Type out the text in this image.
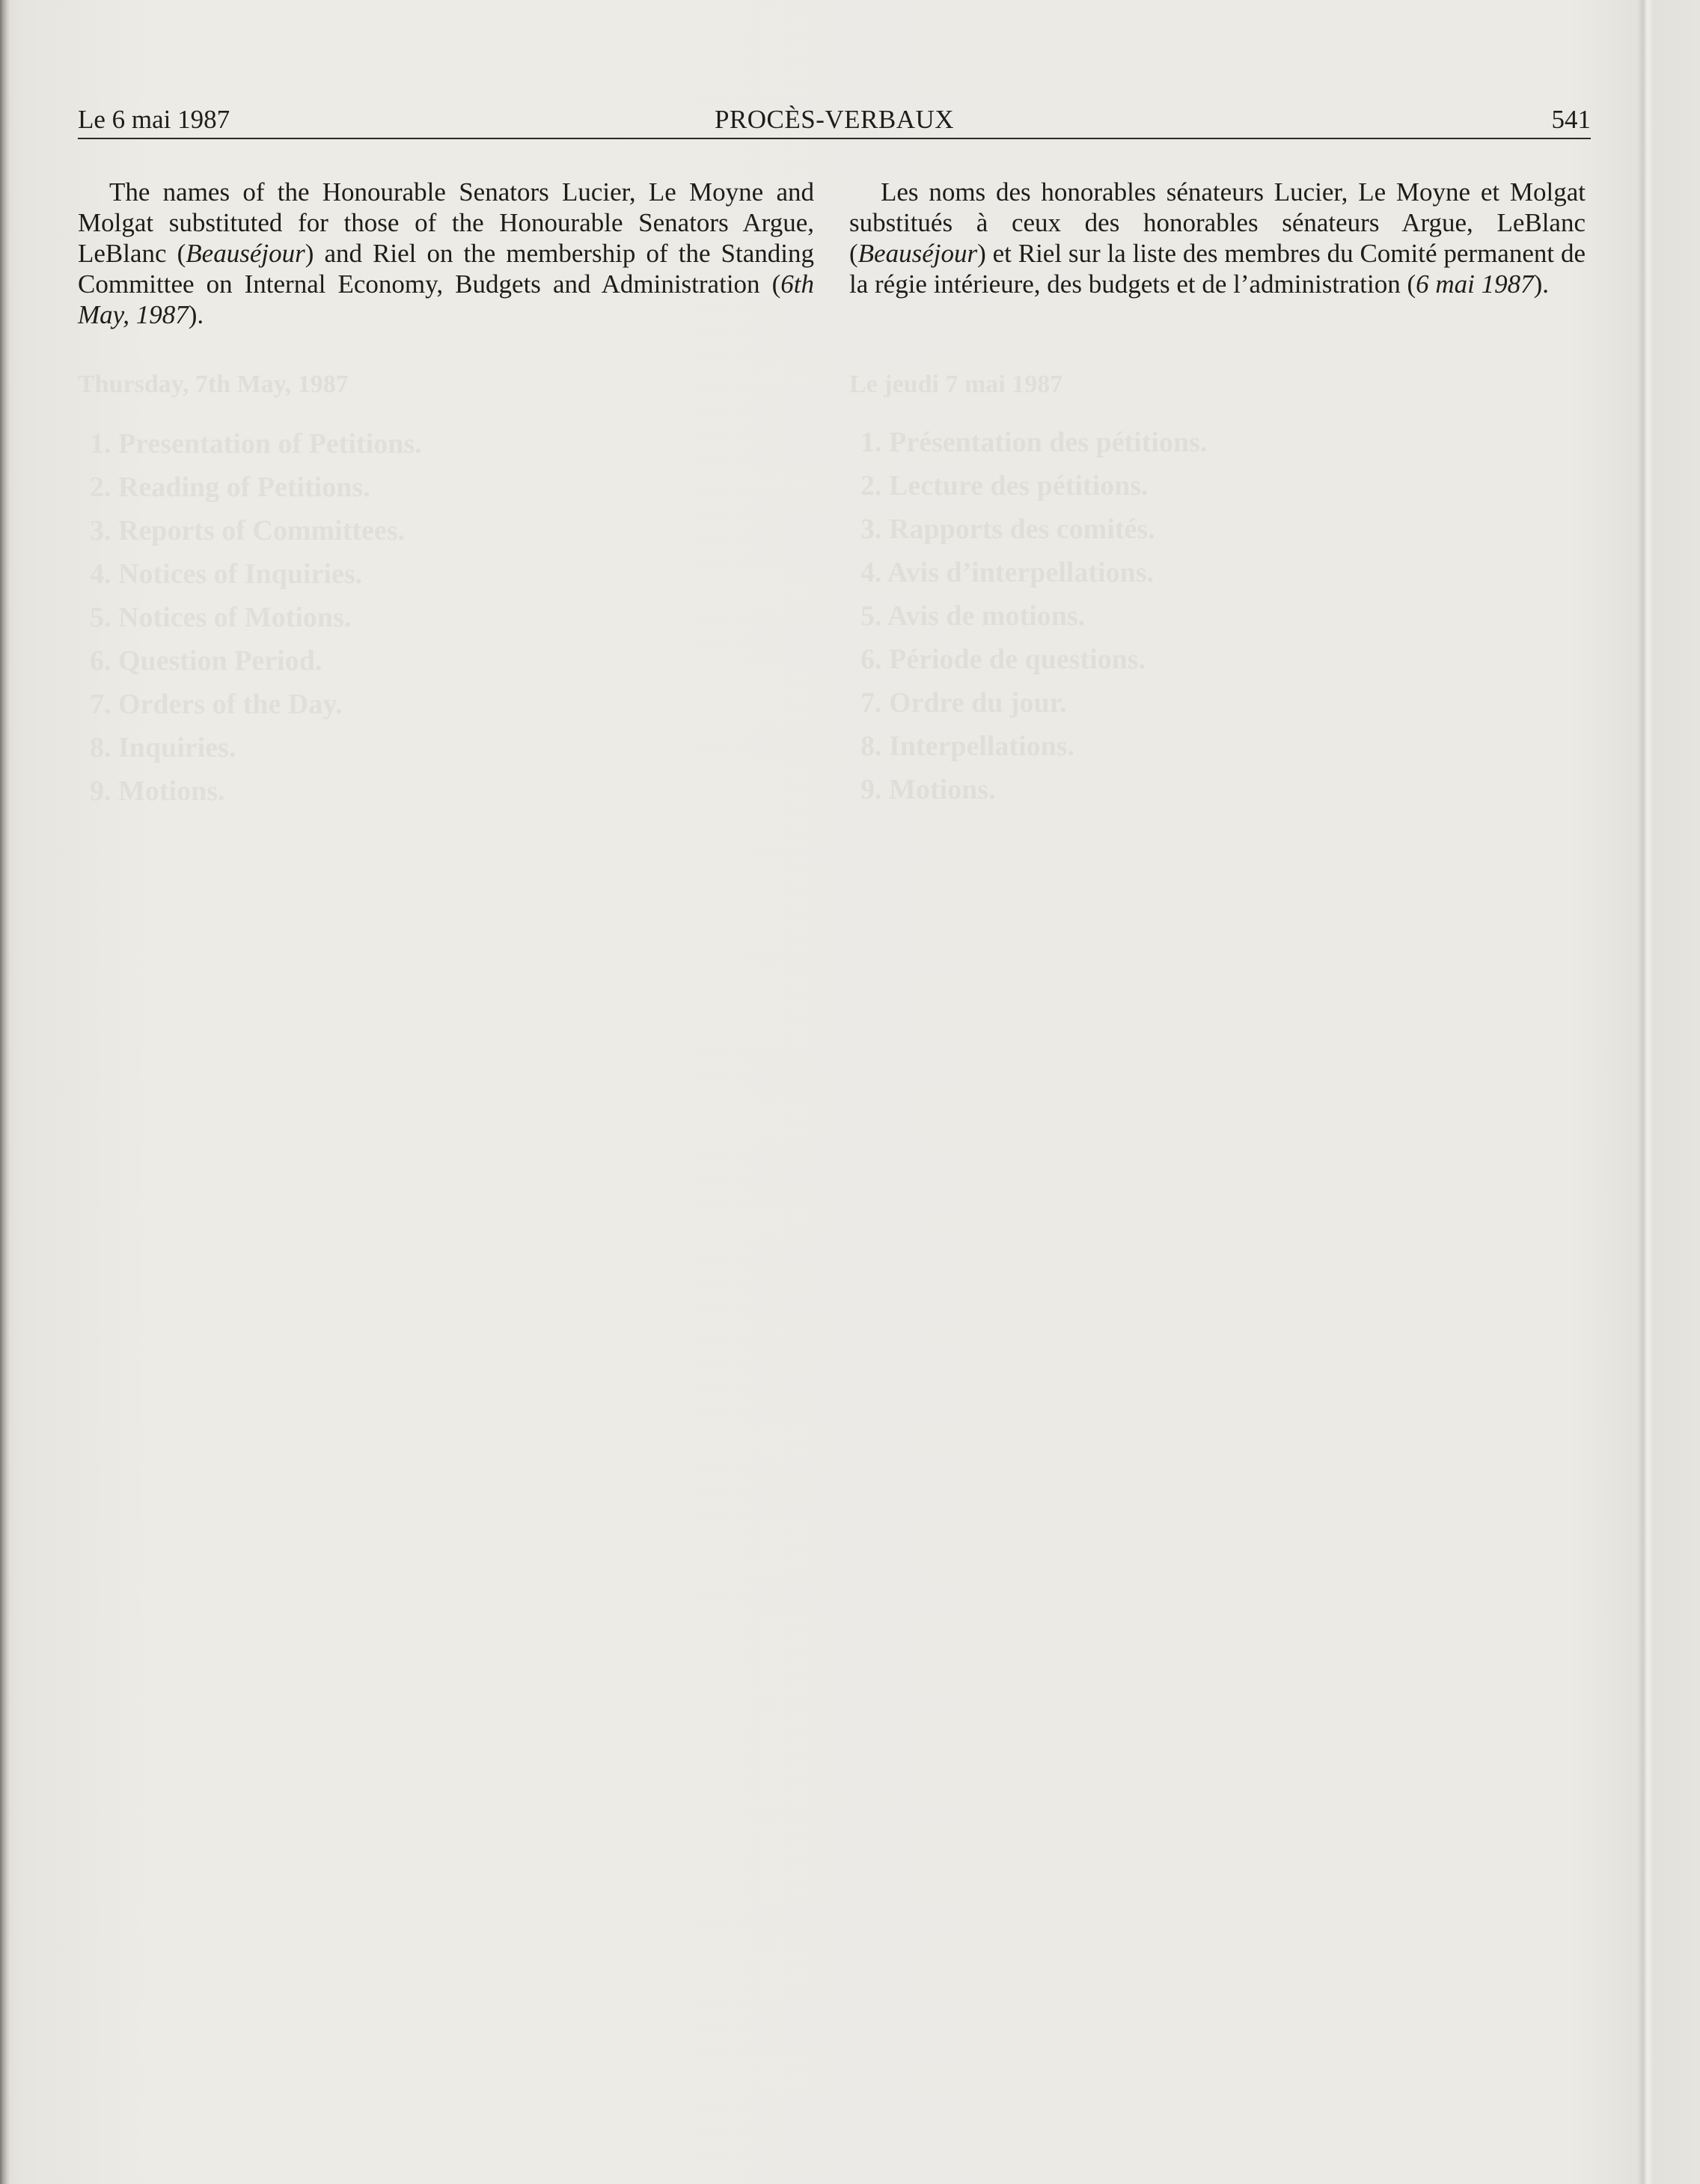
Thursday, 7th May, 1987	Le jeudi 7 mai 1987
1. Presentation of Petitions.
2. Reading of Petitions.
3. Reports of Committees.
4. Notices of Inquiries.
5. Notices of Motions.
6. Question Period.
7. Orders of the Day.
8. Inquiries.
9. Motions.
1. Présentation des pétitions.
2. Lecture des pétitions.
3. Rapports des comités.
4. Avis d’interpellations.
5. Avis de motions.
6. Période de questions.
7. Ordre du jour.
8. Interpellations.
9. Motions.
PROCÈS-VERBAUX
Le 6 mai 1987	541

The names of the Honourable Senators Lucier, Le Moyne and Molgat substituted for those of the Honourable Senators Argue, LeBlanc (Beauséjour) and Riel on the membership of the Standing Committee on Internal Economy, Budgets and Administration (6th May, 1987).

Les noms des honorables sénateurs Lucier, Le Moyne et Molgat substitués à ceux des honorables sénateurs Argue, LeBlanc (Beauséjour) et Riel sur la liste des membres du Comité permanent de la régie intérieure, des budgets et de l’administration (6 mai 1987).
